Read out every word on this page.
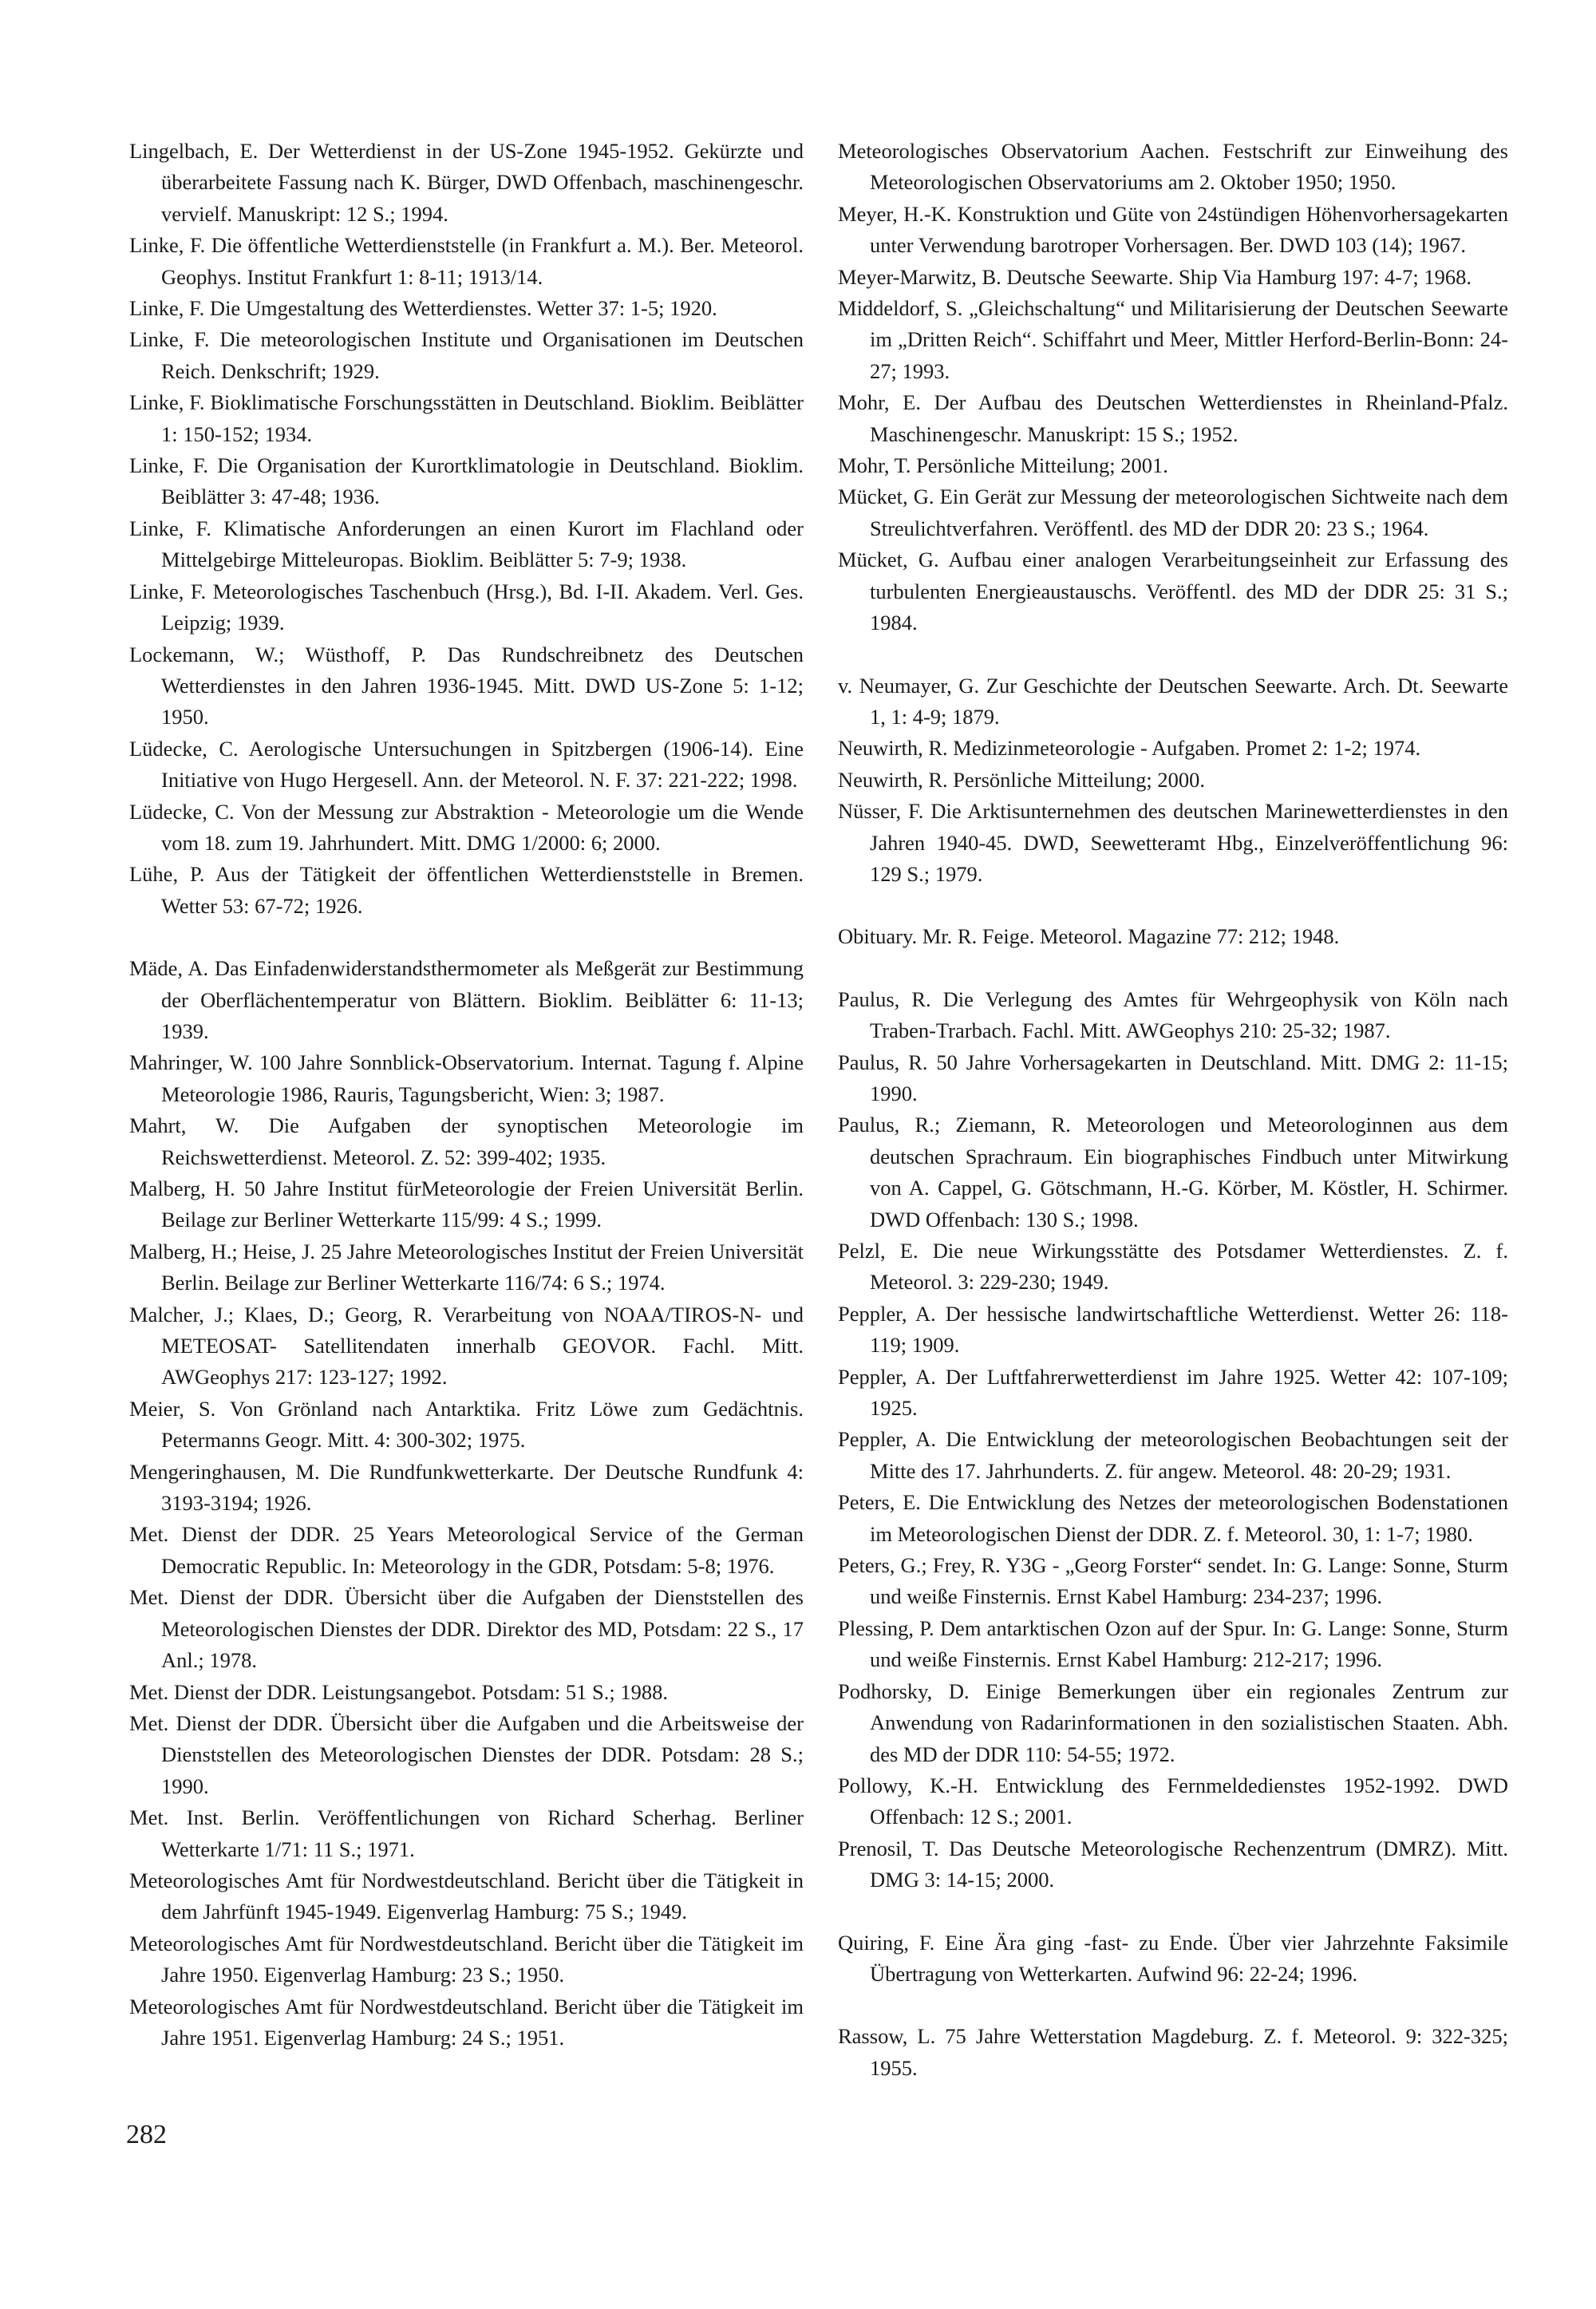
Lingelbach, E. Der Wetterdienst in der US-Zone 1945-1952. Gekürzte und überarbeitete Fassung nach K. Bürger, DWD Offenbach, maschinengeschr. vervielf. Manuskript: 12 S.; 1994.

Linke, F. Die öffentliche Wetterdienststelle (in Frankfurt a. M.). Ber. Meteorol. Geophys. Institut Frankfurt 1: 8-11; 1913/14.

Linke, F. Die Umgestaltung des Wetterdienstes. Wetter 37: 1-5; 1920.

Linke, F. Die meteorologischen Institute und Organisationen im Deutschen Reich. Denkschrift; 1929.

Linke, F. Bioklimatische Forschungsstätten in Deutschland. Bioklim. Beiblätter 1: 150-152; 1934.

Linke, F. Die Organisation der Kurortklimatologie in Deutschland. Bioklim. Beiblätter 3: 47-48; 1936.

Linke, F. Klimatische Anforderungen an einen Kurort im Flachland oder Mittelgebirge Mitteleuropas. Bioklim. Beiblätter 5: 7-9; 1938.

Linke, F. Meteorologisches Taschenbuch (Hrsg.), Bd. I-II. Akadem. Verl. Ges. Leipzig; 1939.

Lockemann, W.; Wüsthoff, P. Das Rundschreibnetz des Deutschen Wetterdienstes in den Jahren 1936-1945. Mitt. DWD US-Zone 5: 1-12; 1950.

Lüdecke, C. Aerologische Untersuchungen in Spitzbergen (1906-14). Eine Initiative von Hugo Hergesell. Ann. der Meteorol. N. F. 37: 221-222; 1998.

Lüdecke, C. Von der Messung zur Abstraktion - Meteorologie um die Wende vom 18. zum 19. Jahrhundert. Mitt. DMG 1/2000: 6; 2000.

Lühe, P. Aus der Tätigkeit der öffentlichen Wetterdienststelle in Bremen. Wetter 53: 67-72; 1926.

Mäde, A. Das Einfadenwiderstandsthermometer als Meßgerät zur Bestimmung der Oberflächentemperatur von Blättern. Bioklim. Beiblätter 6: 11-13; 1939.

Mahringer, W. 100 Jahre Sonnblick-Observatorium. Internat. Tagung f. Alpine Meteorologie 1986, Rauris, Tagungsbericht, Wien: 3; 1987.

Mahrt, W. Die Aufgaben der synoptischen Meteorologie im Reichswetterdienst. Meteorol. Z. 52: 399-402; 1935.

Malberg, H. 50 Jahre Institut fürMeteorologie der Freien Universität Berlin. Beilage zur Berliner Wetterkarte 115/99: 4 S.; 1999.

Malberg, H.; Heise, J. 25 Jahre Meteorologisches Institut der Freien Universität Berlin. Beilage zur Berliner Wetterkarte 116/74: 6 S.; 1974.

Malcher, J.; Klaes, D.; Georg, R. Verarbeitung von NOAA/TIROS-N- und METEOSAT- Satellitendaten innerhalb GEOVOR. Fachl. Mitt. AWGeophys 217: 123-127; 1992.

Meier, S. Von Grönland nach Antarktika. Fritz Löwe zum Gedächtnis. Petermanns Geogr. Mitt. 4: 300-302; 1975.

Mengeringhausen, M. Die Rundfunkwetterkarte. Der Deutsche Rundfunk 4: 3193-3194; 1926.

Met. Dienst der DDR. 25 Years Meteorological Service of the German Democratic Republic. In: Meteorology in the GDR, Potsdam: 5-8; 1976.

Met. Dienst der DDR. Übersicht über die Aufgaben der Dienststellen des Meteorologischen Dienstes der DDR. Direktor des MD, Potsdam: 22 S., 17 Anl.; 1978.

Met. Dienst der DDR. Leistungsangebot. Potsdam: 51 S.; 1988.

Met. Dienst der DDR. Übersicht über die Aufgaben und die Arbeitsweise der Dienststellen des Meteorologischen Dienstes der DDR. Potsdam: 28 S.; 1990.

Met. Inst. Berlin. Veröffentlichungen von Richard Scherhag. Berliner Wetterkarte 1/71: 11 S.; 1971.

Meteorologisches Amt für Nordwestdeutschland. Bericht über die Tätigkeit in dem Jahrfünft 1945-1949. Eigenverlag Hamburg: 75 S.; 1949.

Meteorologisches Amt für Nordwestdeutschland. Bericht über die Tätigkeit im Jahre 1950. Eigenverlag Hamburg: 23 S.; 1950.

Meteorologisches Amt für Nordwestdeutschland. Bericht über die Tätigkeit im Jahre 1951. Eigenverlag Hamburg: 24 S.; 1951.

Meteorologisches Observatorium Aachen. Festschrift zur Einweihung des Meteorologischen Observatoriums am 2. Oktober 1950; 1950.

Meyer, H.-K. Konstruktion und Güte von 24stündigen Höhenvorhersagekarten unter Verwendung barotroper Vorhersagen. Ber. DWD 103 (14); 1967.

Meyer-Marwitz, B. Deutsche Seewarte. Ship Via Hamburg 197: 4-7; 1968.

Middeldorf, S. „Gleichschaltung“ und Militarisierung der Deutschen Seewarte im „Dritten Reich“. Schiffahrt und Meer, Mittler Herford-Berlin-Bonn: 24-27; 1993.

Mohr, E. Der Aufbau des Deutschen Wetterdienstes in Rheinland-Pfalz. Maschinengeschr. Manuskript: 15 S.; 1952.

Mohr, T. Persönliche Mitteilung; 2001.

Mücket, G. Ein Gerät zur Messung der meteorologischen Sichtweite nach dem Streulichtverfahren. Veröffentl. des MD der DDR 20: 23 S.; 1964.

Mücket, G. Aufbau einer analogen Verarbeitungseinheit zur Erfassung des turbulenten Energieaustauschs. Veröffentl. des MD der DDR 25: 31 S.; 1984.

v. Neumayer, G. Zur Geschichte der Deutschen Seewarte. Arch. Dt. Seewarte 1, 1: 4-9; 1879.

Neuwirth, R. Medizinmeteorologie - Aufgaben. Promet 2: 1-2; 1974.

Neuwirth, R. Persönliche Mitteilung; 2000.

Nüsser, F. Die Arktisunternehmen des deutschen Marinewetterdienstes in den Jahren 1940-45. DWD, Seewetteramt Hbg., Einzelveröffentlichung 96: 129 S.; 1979.

Obituary. Mr. R. Feige. Meteorol. Magazine 77: 212; 1948.

Paulus, R. Die Verlegung des Amtes für Wehrgeophysik von Köln nach Traben-Trarbach. Fachl. Mitt. AWGeophys 210: 25-32; 1987.

Paulus, R. 50 Jahre Vorhersagekarten in Deutschland. Mitt. DMG 2: 11-15; 1990.

Paulus, R.; Ziemann, R. Meteorologen und Meteorologinnen aus dem deutschen Sprachraum. Ein biographisches Findbuch unter Mitwirkung von A. Cappel, G. Götschmann, H.-G. Körber, M. Köstler, H. Schirmer. DWD Offenbach: 130 S.; 1998.

Pelzl, E. Die neue Wirkungsstätte des Potsdamer Wetterdienstes. Z. f. Meteorol. 3: 229-230; 1949.

Peppler, A. Der hessische landwirtschaftliche Wetterdienst. Wetter 26: 118-119; 1909.

Peppler, A. Der Luftfahrerwetterdienst im Jahre 1925. Wetter 42: 107-109; 1925.

Peppler, A. Die Entwicklung der meteorologischen Beobachtungen seit der Mitte des 17. Jahrhunderts. Z. für angew. Meteorol. 48: 20-29; 1931.

Peters, E. Die Entwicklung des Netzes der meteorologischen Bodenstationen im Meteorologischen Dienst der DDR. Z. f. Meteorol. 30, 1: 1-7; 1980.

Peters, G.; Frey, R. Y3G - „Georg Forster“ sendet. In: G. Lange: Sonne, Sturm und weiße Finsternis. Ernst Kabel Hamburg: 234-237; 1996.

Plessing, P. Dem antarktischen Ozon auf der Spur. In: G. Lange: Sonne, Sturm und weiße Finsternis. Ernst Kabel Hamburg: 212-217; 1996.

Podhorsky, D. Einige Bemerkungen über ein regionales Zentrum zur Anwendung von Radarinformationen in den sozialistischen Staaten. Abh. des MD der DDR 110: 54-55; 1972.

Pollowy, K.-H. Entwicklung des Fernmeldedienstes 1952-1992. DWD Offenbach: 12 S.; 2001.

Prenosil, T. Das Deutsche Meteorologische Rechenzentrum (DMRZ). Mitt. DMG 3: 14-15; 2000.

Quiring, F. Eine Ära ging -fast- zu Ende. Über vier Jahrzehnte Faksimile Übertragung von Wetterkarten. Aufwind 96: 22-24; 1996.

Rassow, L. 75 Jahre Wetterstation Magdeburg. Z. f. Meteorol. 9: 322-325; 1955.

282
